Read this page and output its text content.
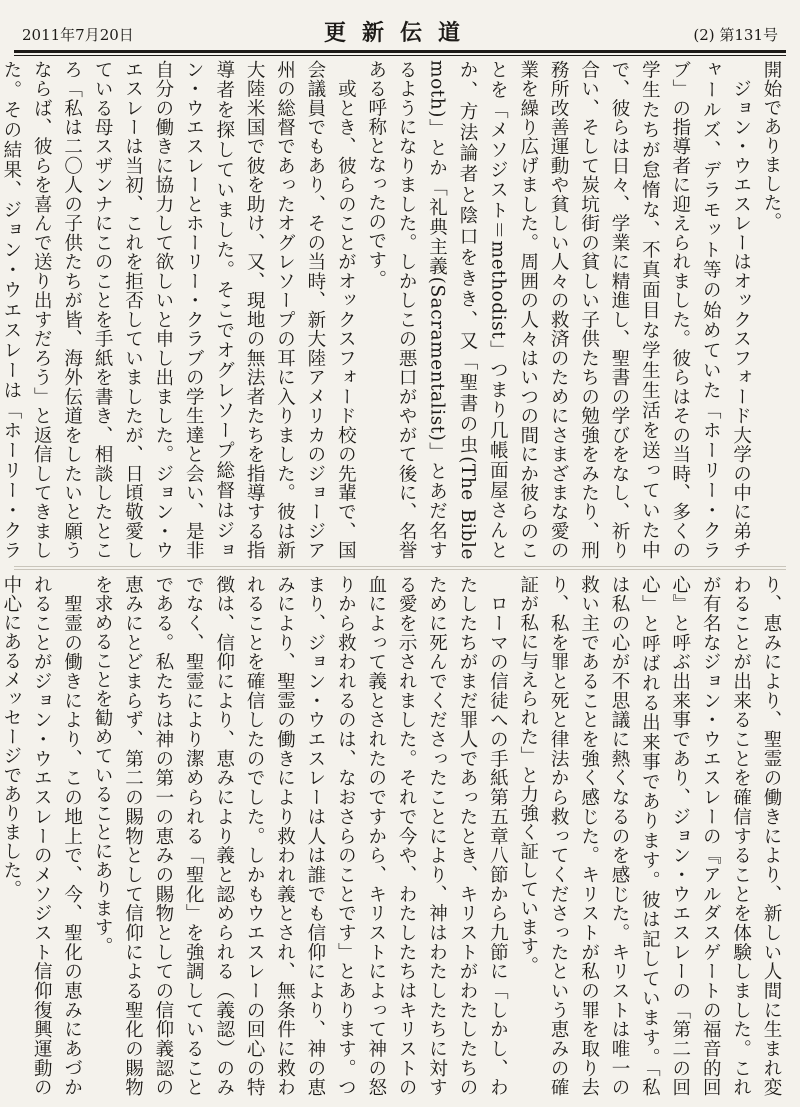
2011年7月20日	更新伝道	(2) 第131号

開始でありました。

　ジョン・ウエスレーはオックスフォード大学の中に弟チャールズ、デラモット等の始めていた「ホーリー・クラブ」の指導者に迎えられました。彼らはその当時、多くの学生たちが怠惰な、不真面目な学生生活を送っていた中で、彼らは日々、学業に精進し、聖書の学びをなし、祈り合い、そして炭坑街の貧しい子供たちの勉強をみたり、刑務所改善運動や貧しい人々の救済のためにさまざまな愛の業を繰り広げました。周囲の人々はいつの間にか彼らのことを「メソジスト＝methodist」つまり几帳面屋さんとか、方法論者と陰口をきき、又「聖書の虫(The Bible moth)」とか「礼典主義(Sacramentalist)」とあだ名するようになりました。しかしこの悪口がやがて後に、名誉ある呼称となったのです。

　或とき、彼らのことがオックスフォード校の先輩で、国会議員でもあり、その当時、新大陸アメリカのジョージア州の総督であったオグレソープの耳に入りました。彼は新大陸米国で彼を助け、又、現地の無法者たちを指導する指導者を探していました。そこでオグレソープ総督はジョン・ウエスレーとホーリー・クラブの学生達と会い、是非自分の働きに協力して欲しいと申し出ました。ジョン・ウエスレーは当初、これを拒否していましたが、日頃敬愛している母スザンナにこのことを手紙を書き、相談したところ「私は二〇人の子供たちが皆、海外伝道をしたいと願うならば、彼らを喜んで送り出すだろう」と返信してきました。その結果、ジョン・ウエスレーは「ホーリー・クラ

り、恵みにより、聖霊の働きにより、新しい人間に生まれ変わることが出来ることを確信することを体験しました。これが有名なジョン・ウエスレーの『アルダスゲートの福音的回心』と呼ぶ出来事であり、ジョン・ウエスレーの「第二の回心」と呼ばれる出来事であります。彼は記しています。「私は私の心が不思議に熱くなるのを感じた。キリストは唯一の救い主であることを強く感じた。キリストが私の罪を取り去り、私を罪と死と律法から救ってくださったという恵みの確証が私に与えられた」と力強く証しています。

　ローマの信徒への手紙第五章八節から九節に「しかし、わたしたちがまだ罪人であったとき、キリストがわたしたちのために死んでくださったことにより、神はわたしたちに対する愛を示されました。それで今や、わたしたちはキリストの血によって義とされたのですから、キリストによって神の怒りから救われるのは、なおさらのことです」とあります。つまり、ジョン・ウエスレーは人は誰でも信仰により、神の恵みにより、聖霊の働きにより救われ義とされ、無条件に救われることを確信したのでした。しかもウエスレーの回心の特徴は、信仰により、恵みにより義と認められる（義認）のみでなく、聖霊により潔められる「聖化」を強調していることである。私たちは神の第一の恵みの賜物としての信仰義認の恵みにとどまらず、第二の賜物として信仰による聖化の賜物を求めることを勧めていることにあります。

　聖霊の働きにより、この地上で、今、聖化の恵みにあづかれることがジョン・ウエスレーのメソジスト信仰復興運動の中心にあるメッセージでありました。
